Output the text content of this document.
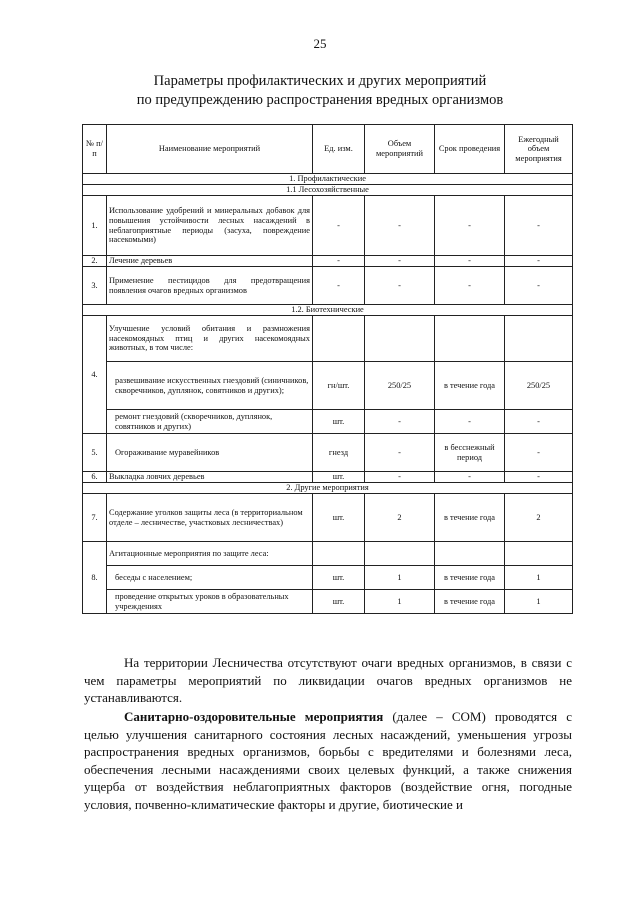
25
Параметры профилактических и других мероприятий
по предупреждению распространения вредных организмов
№ п/п	Наименование мероприятий	Ед. изм.	Объем мероприятий	Срок проведения	Ежегодный объем мероприятия
1. Профилактические					
1.1 Лесохозяйственные					
1.	Использование удобрений и минеральных добавок для повышения устойчивости лесных насаждений в неблагоприятные периоды (засуха, повреждение насекомыми)	-	-	-	-
2.	Лечение деревьев	-	-	-	-
3.	Применение пестицидов для предотвращения появления очагов вредных организмов	-	-	-	-
1.2. Биотехнические					
4.	Улучшение условий обитания и размножения насекомоядных птиц и других насекомоядных животных, в том числе:				
	развешивание искусственных гнездовий (синичников, скворечников, дуплянок, совятников и других);	гн/шт.	250/25	в течение года	250/25
	ремонт гнездовий (скворечников, дуплянок, совятников и других)	шт.	-	-	-
5.	Огораживание муравейников	гнезд	-	в бесснежный период	-
6.	Выкладка ловчих деревьев	шт.	-	-	-
2. Другие мероприятия					
7.	Содержание уголков защиты леса (в территориальном отделе – лесничестве, участковых лесничествах)	шт.	2	в течение года	2
8.	Агитационные мероприятия по защите леса:				
	беседы с населением;	шт.	1	в течение года	1
	проведение открытых уроков в образовательных учреждениях	шт.	1	в течение года	1
На территории Лесничества отсутствуют очаги вредных организмов, в связи с чем параметры мероприятий по ликвидации очагов вредных организмов не устанавливаются.
Санитарно-оздоровительные мероприятия (далее – СОМ) проводятся с целью улучшения санитарного состояния лесных насаждений, уменьшения угрозы распространения вредных организмов, борьбы с вредителями и болезнями леса, обеспечения лесными насаждениями своих целевых функций, а также снижения ущерба от воздействия неблагоприятных факторов (воздействие огня, погодные условия, почвенно-климатические факторы и другие, биотические и
